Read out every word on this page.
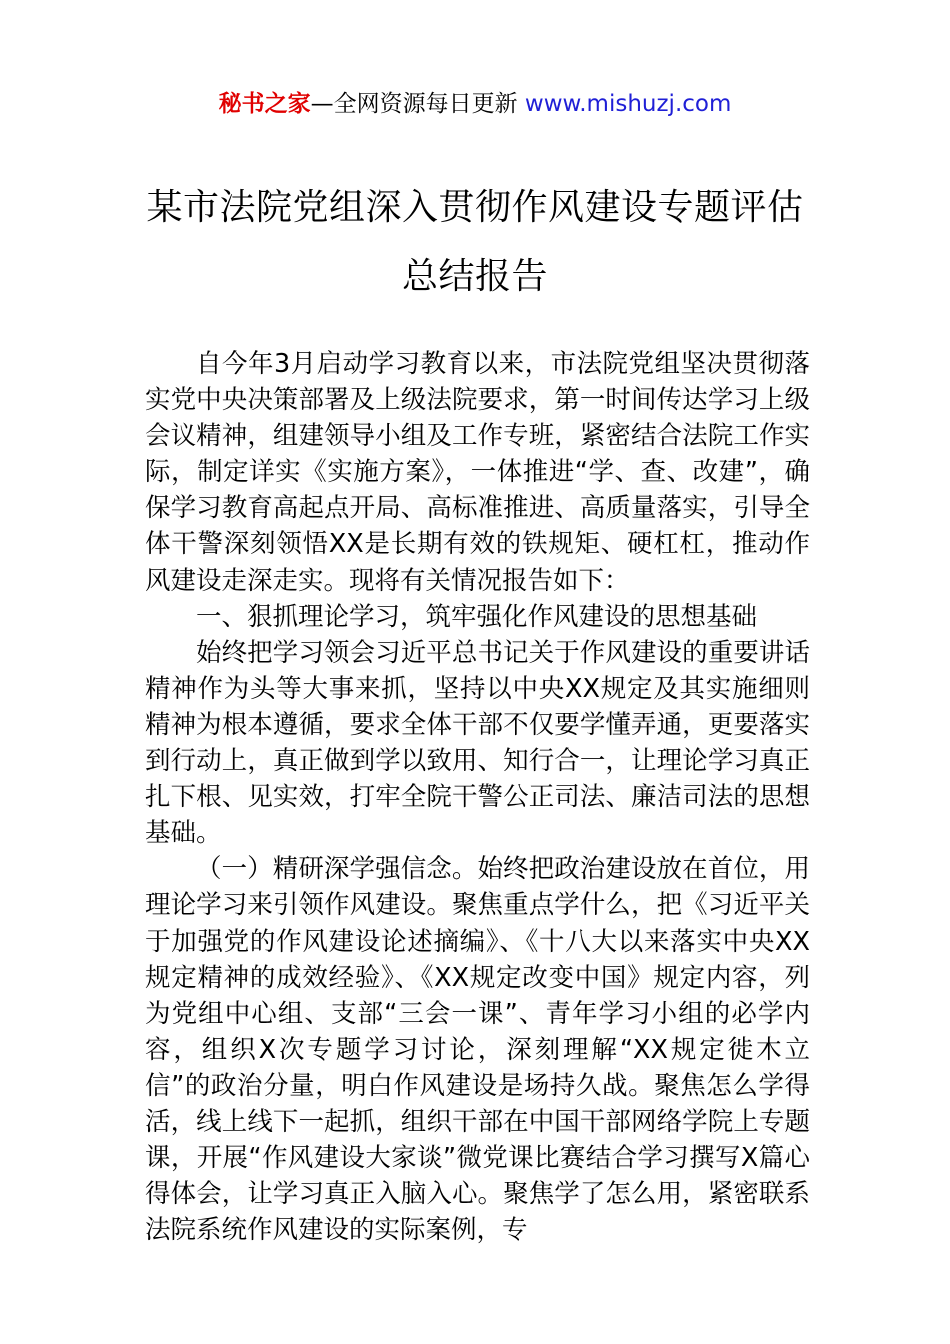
秘书之家—全网资源每日更新 www.mishuzj.com
某市法院党组深入贯彻作风建设专题评估
总结报告

自今年3月启动学习教育以来，市法院党组坚决贯彻落实党中央决策部署及上级法院要求，第一时间传达学习上级会议精神，组建领导小组及工作专班，紧密结合法院工作实际，制定详实《实施方案》，一体推进“学、查、改建”，确保学习教育高起点开局、高标准推进、高质量落实，引导全体干警深刻领悟XX是长期有效的铁规矩、硬杠杠，推动作风建设走深走实。现将有关情况报告如下：

一、狠抓理论学习，筑牢强化作风建设的思想基础

始终把学习领会习近平总书记关于作风建设的重要讲话精神作为头等大事来抓，坚持以中央XX规定及其实施细则精神为根本遵循，要求全体干部不仅要学懂弄通，更要落实到行动上，真正做到学以致用、知行合一，让理论学习真正扎下根、见实效，打牢全院干警公正司法、廉洁司法的思想基础。

（一）精研深学强信念。始终把政治建设放在首位，用理论学习来引领作风建设。聚焦重点学什么，把《习近平关于加强党的作风建设论述摘编》、《十八大以来落实中央XX规定精神的成效经验》、《XX规定改变中国》规定内容，列为党组中心组、支部“三会一课”、青年学习小组的必学内容，组织X次专题学习讨论，深刻理解“XX规定徙木立信”的政治分量，明白作风建设是场持久战。聚焦怎么学得活，线上线下一起抓，组织干部在中国干部网络学院上专题课，开展“作风建设大家谈”微党课比赛结合学习撰写X篇心得体会，让学习真正入脑入心。聚焦学了怎么用，紧密联系法院系统作风建设的实际案例，专
